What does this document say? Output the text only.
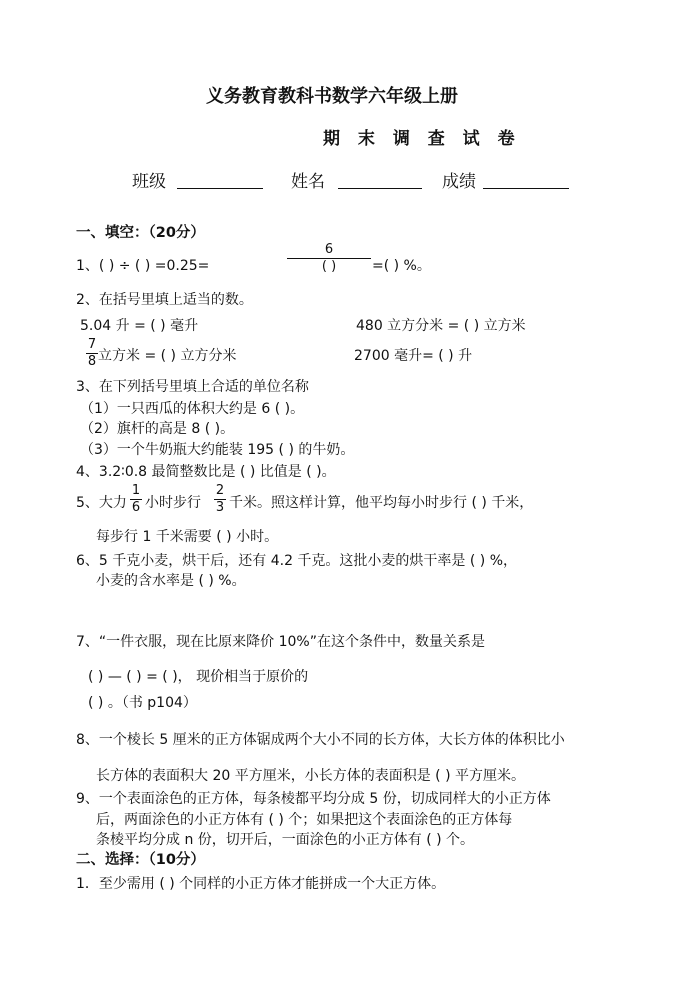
义务教育教科书数学六年级上册
期 末 调 查 试 卷
班级	姓名	成绩
一、填空：（20分）
1、( ) ÷ ( ) =0.25=
6
( )	=( ) %。
2、在括号里填上适当的数。
5.04 升 = ( ) 毫升	480 立方分米 = ( ) 立方米
7
8 立方米 = ( ) 立方分米	2700 毫升= ( ) 升
3、在下列括号里填上合适的单位名称
（1）一只西瓜的体积大约是 6 ( )。
（2）旗杆的高是 8 ( )。
（3）一个牛奶瓶大约能装 195 ( ) 的牛奶。
4、3.2∶0.8 最简整数比是 ( ) 比值是 ( )。
5、大力
1
6 小时步行
2
3 千米。照这样计算，他平均每小时步行 ( ) 千米，
每步行 1 千米需要 ( ) 小时。
6、5 千克小麦，烘干后，还有 4.2 千克。这批小麦的烘干率是 ( ) %，
小麦的含水率是 ( ) %。
7、“一件衣服，现在比原来降价 10%”在这个条件中，数量关系是
( ) — ( ) = ( )， 现价相当于原价的
( ) 。（书 p104）
8、一个棱长 5 厘米的正方体锯成两个大小不同的长方体，大长方体的体积比小
长方体的表面积大 20 平方厘米，小长方体的表面积是 ( ) 平方厘米。
9、一个表面涂色的正方体，每条棱都平均分成 5 份，切成同样大的小正方体
后，两面涂色的小正方体有 ( ) 个；如果把这个表面涂色的正方体每
条棱平均分成 n 份，切开后，一面涂色的小正方体有 ( ) 个。
二、选择：（10分）
1．至少需用 ( ) 个同样的小正方体才能拼成一个大正方体。
